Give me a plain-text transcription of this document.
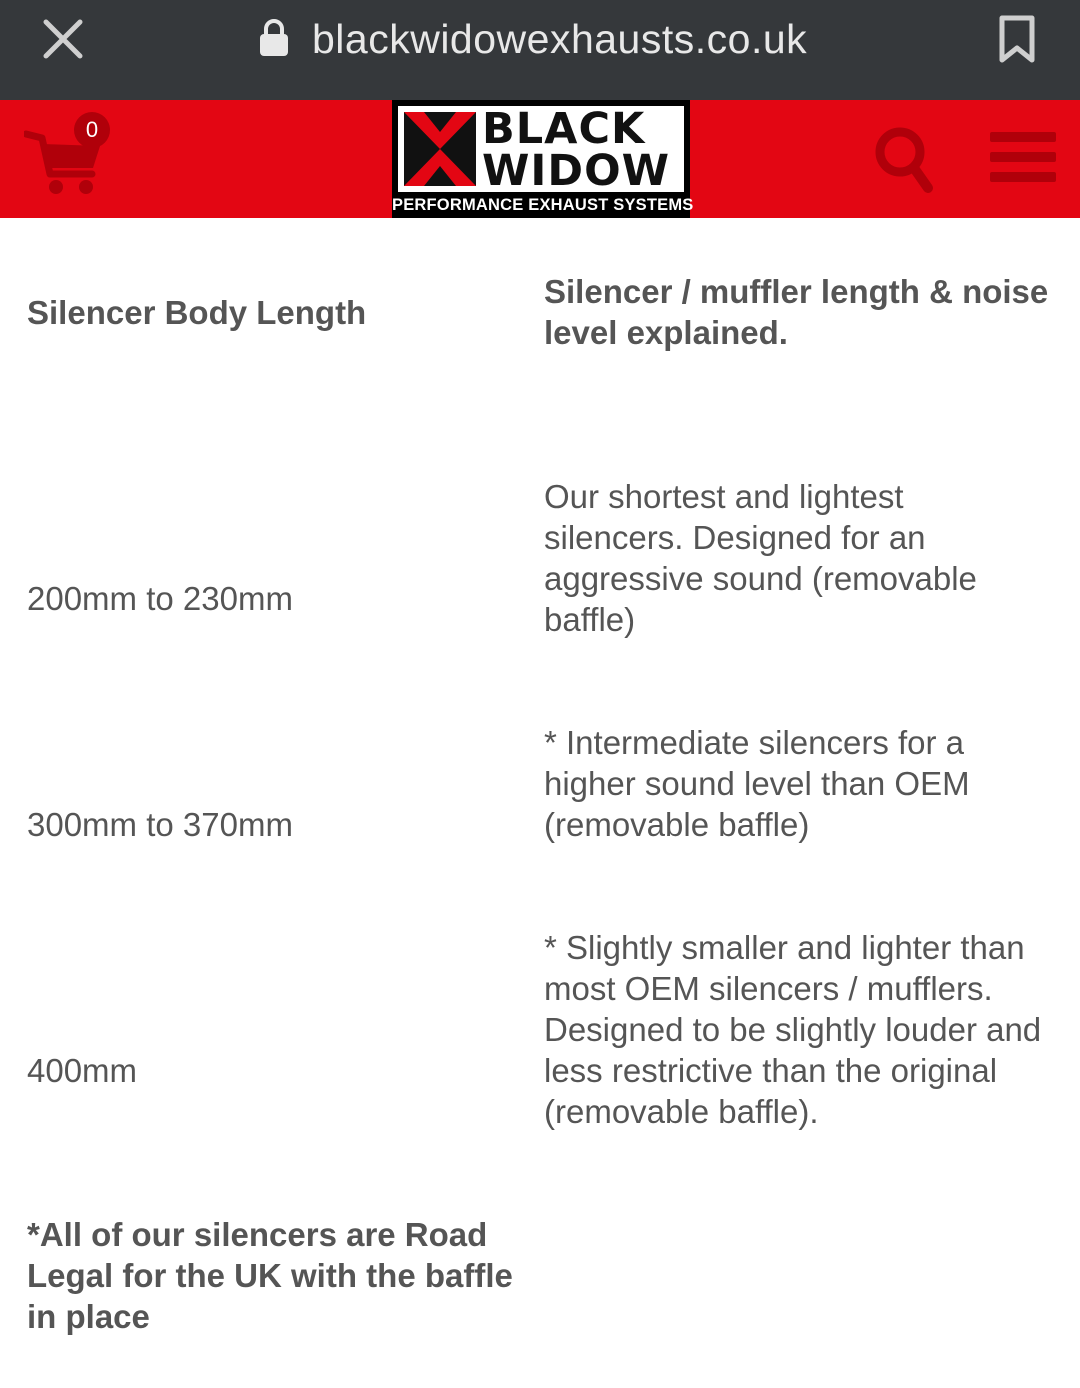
blackwidowexhausts.co.uk
0	BLACK
WIDOW
PERFORMANCE EXHAUST SYSTEMS
Silencer Body Length
Silencer / muffler length & noise level explained.
200mm to 230mm
Our shortest and lightest silencers. Designed for an aggressive sound (removable baffle)
300mm to 370mm
* Intermediate silencers for a higher sound level than OEM (removable baffle)
400mm
* Slightly smaller and lighter than most OEM silencers / mufflers. Designed to be slightly louder and less restrictive than the original (removable baffle).
*All of our silencers are Road Legal for the UK with the baffle in place
